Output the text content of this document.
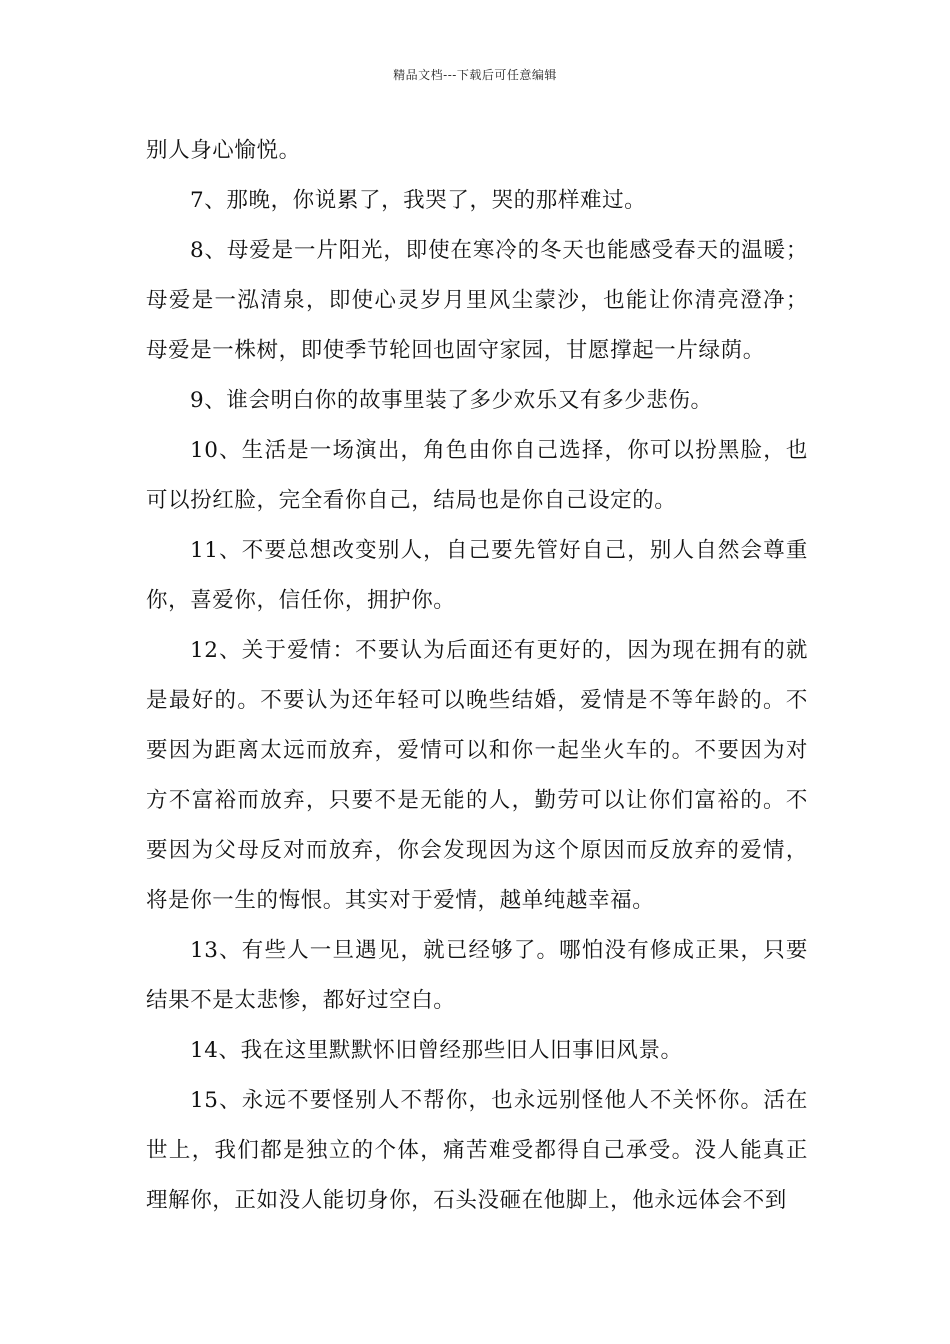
精品文档---下载后可任意编辑

别人身心愉悦。

7、那晚，你说累了，我哭了，哭的那样难过。

8、母爱是一片阳光，即使在寒冷的冬天也能感受春天的温暖；母爱是一泓清泉，即使心灵岁月里风尘蒙沙，也能让你清亮澄净；母爱是一株树，即使季节轮回也固守家园，甘愿撑起一片绿荫。

9、谁会明白你的故事里装了多少欢乐又有多少悲伤。

10、生活是一场演出，角色由你自己选择，你可以扮黑脸，也可以扮红脸，完全看你自己，结局也是你自己设定的。

11、不要总想改变别人，自己要先管好自己，别人自然会尊重你，喜爱你，信任你，拥护你。

12、关于爱情：不要认为后面还有更好的，因为现在拥有的就是最好的。不要认为还年轻可以晚些结婚，爱情是不等年龄的。不要因为距离太远而放弃，爱情可以和你一起坐火车的。不要因为对方不富裕而放弃，只要不是无能的人，勤劳可以让你们富裕的。不要因为父母反对而放弃，你会发现因为这个原因而反放弃的爱情，将是你一生的悔恨。其实对于爱情，越单纯越幸福。

13、有些人一旦遇见，就已经够了。哪怕没有修成正果，只要结果不是太悲惨，都好过空白。

14、我在这里默默怀旧曾经那些旧人旧事旧风景。

15、永远不要怪别人不帮你，也永远别怪他人不关怀你。活在世上，我们都是独立的个体，痛苦难受都得自己承受。没人能真正理解你，正如没人能切身你，石头没砸在他脚上，他永远体会不到
